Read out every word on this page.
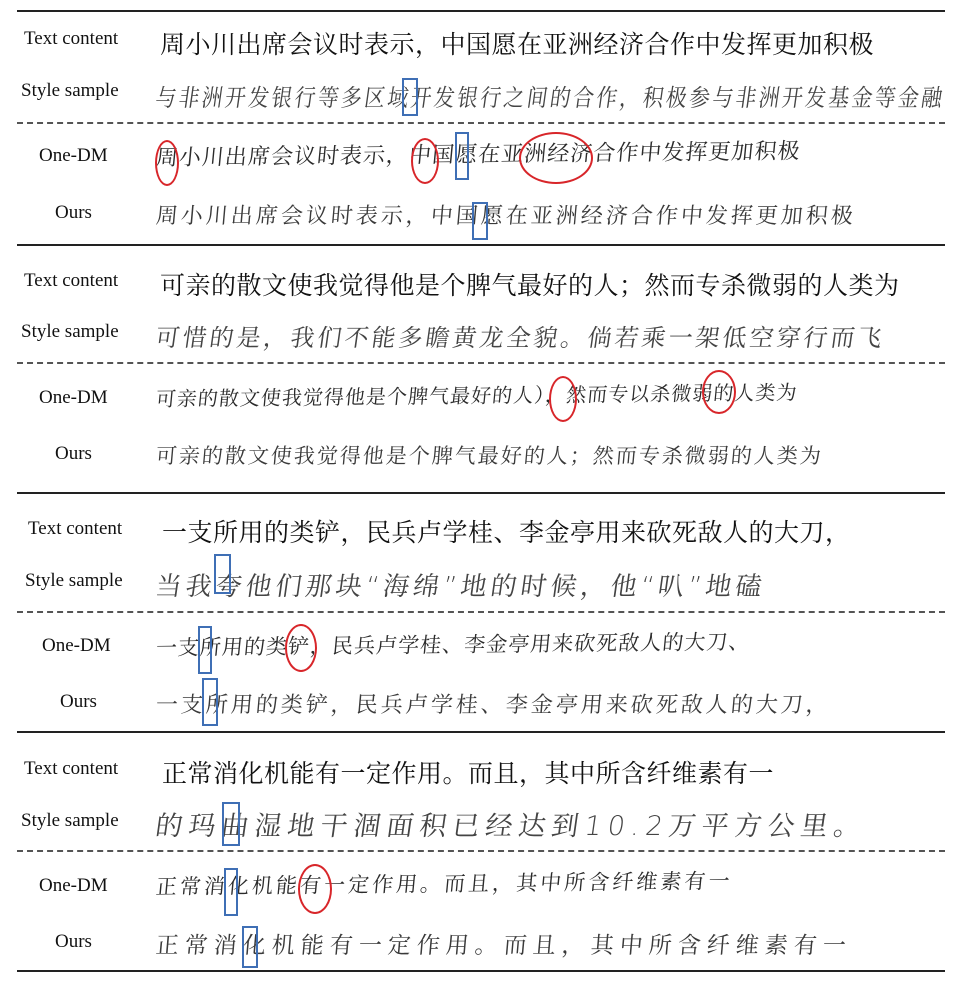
Text content 周小川出席会议时表示，中国愿在亚洲经济合作中发挥更加积极
Style sample 与非洲开发银行等多区域开发银行之间的合作，积极参与非洲开发基金等金融
One-DM 周小川出席会议时表示，中国愿在亚洲经济合作中发挥更加积极
Ours	周小川出席会议时表示，中国愿在亚洲经济合作中发挥更加积极
Text content 可亲的散文使我觉得他是个脾气最好的人；然而专杀微弱的人类为
Style sample 可惜的是，我们不能多瞻黄龙全貌。倘若乘一架低空穿行而飞
One-DM 可亲的散文使我觉得他是个脾气最好的人），然而专以杀微弱的人类为
Ours	可亲的散文使我觉得他是个脾气最好的人；然而专杀微弱的人类为
Text content 一支所用的类铲，民兵卢学桂、李金亭用来砍死敌人的大刀，
Style sample 当我夸他们那块“海绵”地的时候，他“叭”地磕
One-DM 一支所用的类铲，民兵卢学桂、李金亭用来砍死敌人的大刀、
Ours	一支所用的类铲，民兵卢学桂、李金亭用来砍死敌人的大刀，
Text content 正常消化机能有一定作用。而且，其中所含纤维素有一
Style sample 的玛曲湿地干涸面积已经达到10.2万平方公里。
One-DM 正常消化机能有一定作用。而且，其中所含纤维素有一
Ours	正常消化机能有一定作用。而且，其中所含纤维素有一
